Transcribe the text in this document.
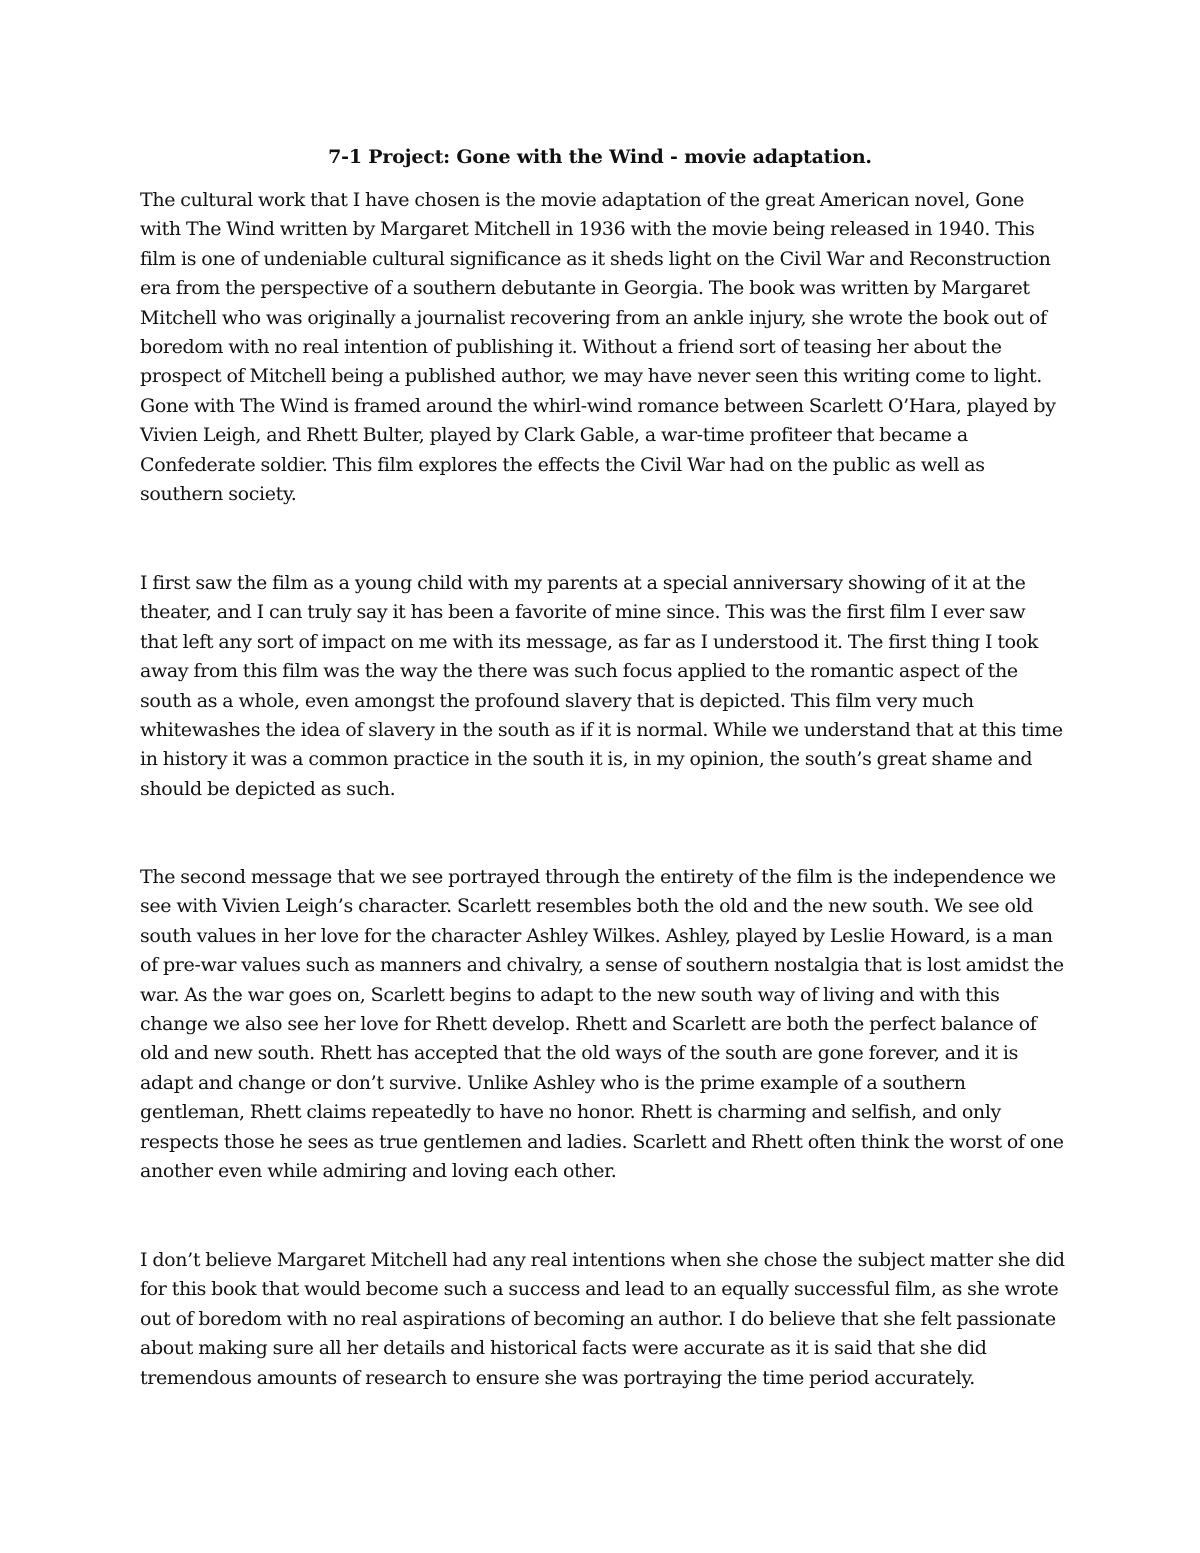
7-1 Project: Gone with the Wind - movie adaptation.

The cultural work that I have chosen is the movie adaptation of the great American novel, Gone with The Wind written by Margaret Mitchell in 1936 with the movie being released in 1940. This film is one of undeniable cultural significance as it sheds light on the Civil War and Reconstruction era from the perspective of a southern debutante in Georgia. The book was written by Margaret Mitchell who was originally a journalist recovering from an ankle injury, she wrote the book out of boredom with no real intention of publishing it. Without a friend sort of teasing her about the prospect of Mitchell being a published author, we may have never seen this writing come to light. Gone with The Wind is framed around the whirl-wind romance between Scarlett O’Hara, played by Vivien Leigh, and Rhett Bulter, played by Clark Gable, a war-time profiteer that became a Confederate soldier. This film explores the effects the Civil War had on the public as well as southern society.

I first saw the film as a young child with my parents at a special anniversary showing of it at the theater, and I can truly say it has been a favorite of mine since. This was the first film I ever saw that left any sort of impact on me with its message, as far as I understood it. The first thing I took away from this film was the way the there was such focus applied to the romantic aspect of the south as a whole, even amongst the profound slavery that is depicted. This film very much whitewashes the idea of slavery in the south as if it is normal. While we understand that at this time in history it was a common practice in the south it is, in my opinion, the south’s great shame and should be depicted as such.

The second message that we see portrayed through the entirety of the film is the independence we see with Vivien Leigh’s character. Scarlett resembles both the old and the new south. We see old south values in her love for the character Ashley Wilkes. Ashley, played by Leslie Howard, is a man of pre-war values such as manners and chivalry, a sense of southern nostalgia that is lost amidst the war. As the war goes on, Scarlett begins to adapt to the new south way of living and with this change we also see her love for Rhett develop. Rhett and Scarlett are both the perfect balance of old and new south. Rhett has accepted that the old ways of the south are gone forever, and it is adapt and change or don’t survive. Unlike Ashley who is the prime example of a southern gentleman, Rhett claims repeatedly to have no honor. Rhett is charming and selfish, and only respects those he sees as true gentlemen and ladies. Scarlett and Rhett often think the worst of one another even while admiring and loving each other.

I don’t believe Margaret Mitchell had any real intentions when she chose the subject matter she did for this book that would become such a success and lead to an equally successful film, as she wrote out of boredom with no real aspirations of becoming an author. I do believe that she felt passionate about making sure all her details and historical facts were accurate as it is said that she did tremendous amounts of research to ensure she was portraying the time period accurately.
